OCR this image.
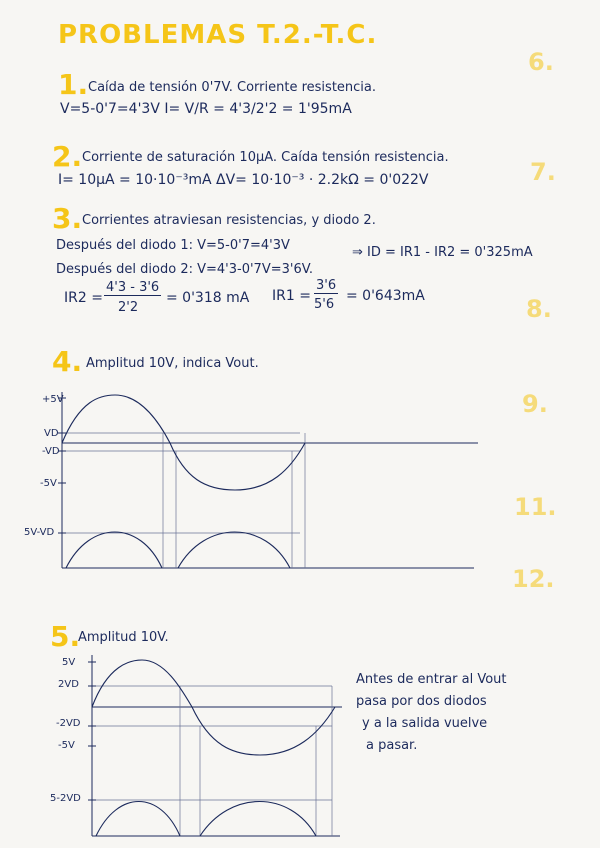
PROBLEMAS T.2.-T.C.
1. Caída de tensión 0'7V. Corriente resistencia.
V=5-0'7=4'3V I= V/R = 4'3/2'2 = 1'95mA
2. Corriente de saturación 10μA. Caída tensión resistencia.
I= 10μA = 10·10⁻³mA ΔV= 10·10⁻³ · 2.2kΩ = 0'022V
3. Corrientes atraviesan resistencias, y diodo 2.
Después del diodo 1: V=5-0'7=4'3V	⇒ ID = IR1 - IR2 = 0'325mA
Después del diodo 2: V=4'3-0'7V=3'6V.
IR2 =
4'3 - 3'6
2'2
= 0'318 mA IR1 =
3'6
5'6
= 0'643mA
4. Amplitud 10V, indica Vout.
+5V
VD
-VD
-5V
5V-VD
5.
Amplitud 10V.
5V
2VD
-2VD
-5V
5-2VD
Antes de entrar al Vout
pasa por dos diodos
y a la salida vuelve
a pasar.
6.
7.
8.
9.
11.
12.
